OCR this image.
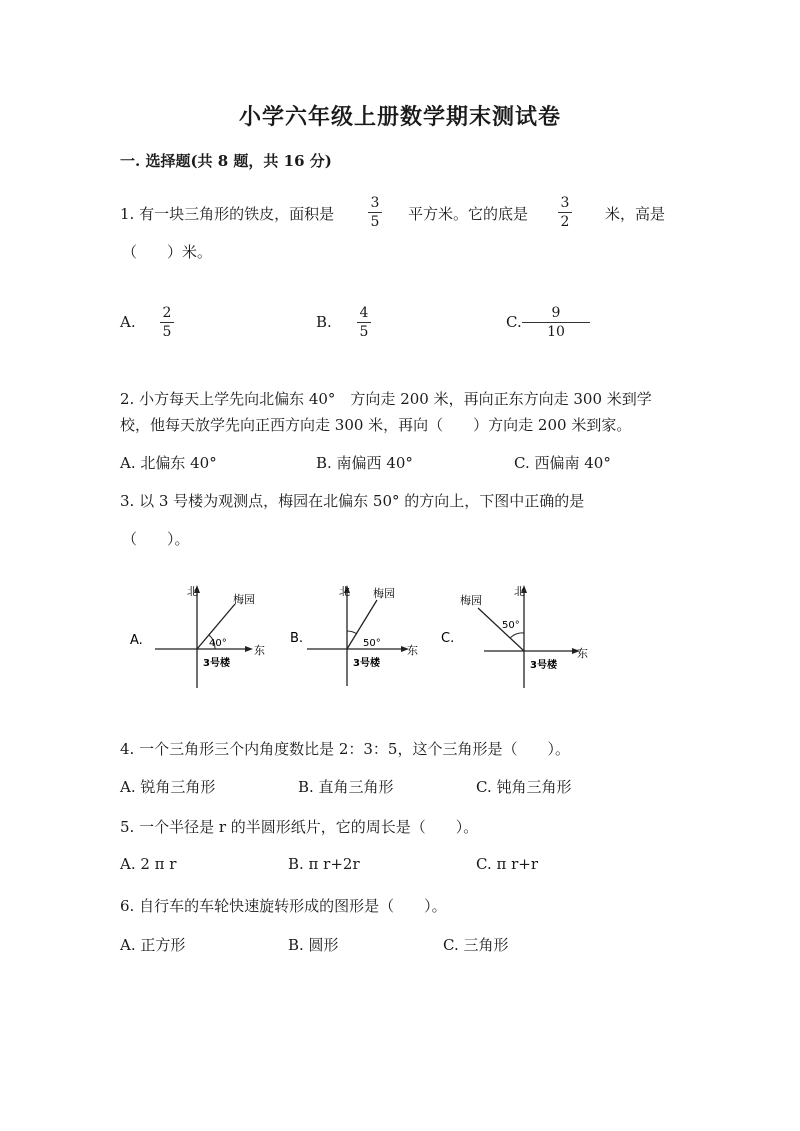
小学六年级上册数学期末测试卷
一. 选择题(共 8 题，共 16 分)
1. 有一块三角形的铁皮，面积是
3
5 平方米。它的底是
3
2 米，高是
（　　）米。
A. 2
5
B. 4
5
C.	9
10
2. 小方每天上学先向北偏东 40°　方向走 200 米，再向正东方向走 300 米到学
校，他每天放学先向正西方向走 300 米，再向（　　）方向走 200 米到家。
A. 北偏东 40°	B. 南偏西 40°	C. 西偏南 40°
3. 以 3 号楼为观测点，梅园在北偏东 50° 的方向上，下图中正确的是
（　　）。
A.
北
东
梅园
40°
3号楼
B.
北
东
梅园
50°
3号楼
C.
北
东
梅园
50°
3号楼
4. 一个三角形三个内角度数比是 2：3：5，这个三角形是（　　）。
A. 锐角三角形	B. 直角三角形	C. 钝角三角形
5. 一个半径是 r 的半圆形纸片，它的周长是（　　）。
A. 2 π r	B. π r+2r	C. π r+r
6. 自行车的车轮快速旋转形成的图形是（　　）。
A. 正方形	B. 圆形	C. 三角形
